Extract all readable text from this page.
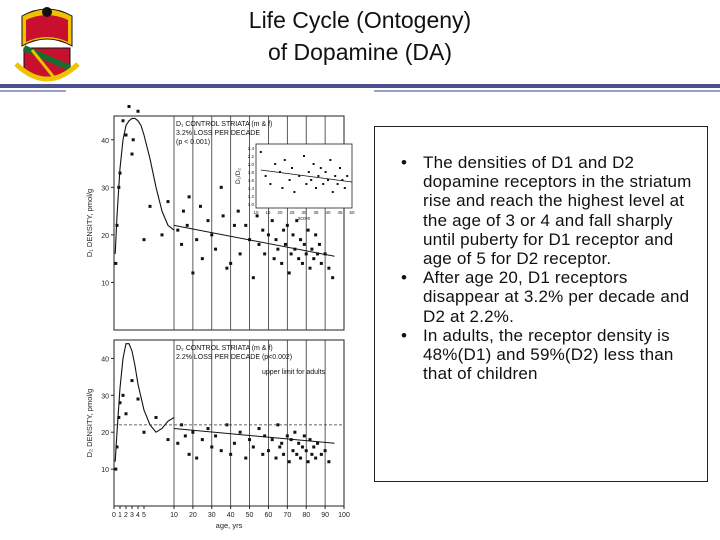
Life Cycle (Ontogeny)
of Dopamine (DA)
10
20
30
40
D₁ DENSITY, pmol/g
D₁ CONTROL STRIATA (m & f)
3.2% LOSS PER DECADE
(p < 0.001)
10
20
30
40
D₂ DENSITY, pmol/g
D₂ CONTROL STRIATA (m & f)
2.2% LOSS PER DECADE (p<0.002)
upper limit for adults
0 1 2 3 4 5	10 20 30 40 50 60 70 80 90 100
age, yrs
1.0
1.2
1.4
1.6
1.8
2.0
2.2
2.4
10 15 20 25 30 35 40 45 50
score
D₁/D₂
• The densities of D1 and D2 dopamine receptors in the striatum rise and reach the highest level at the age of 3 or 4 and fall sharply until puberty for D1 receptor and age of 5 for D2 receptor.
• After age 20, D1 receptors disappear at 3.2% per decade and D2 at 2.2%.
• In adults, the receptor density is 48%(D1) and 59%(D2) less than that of children
